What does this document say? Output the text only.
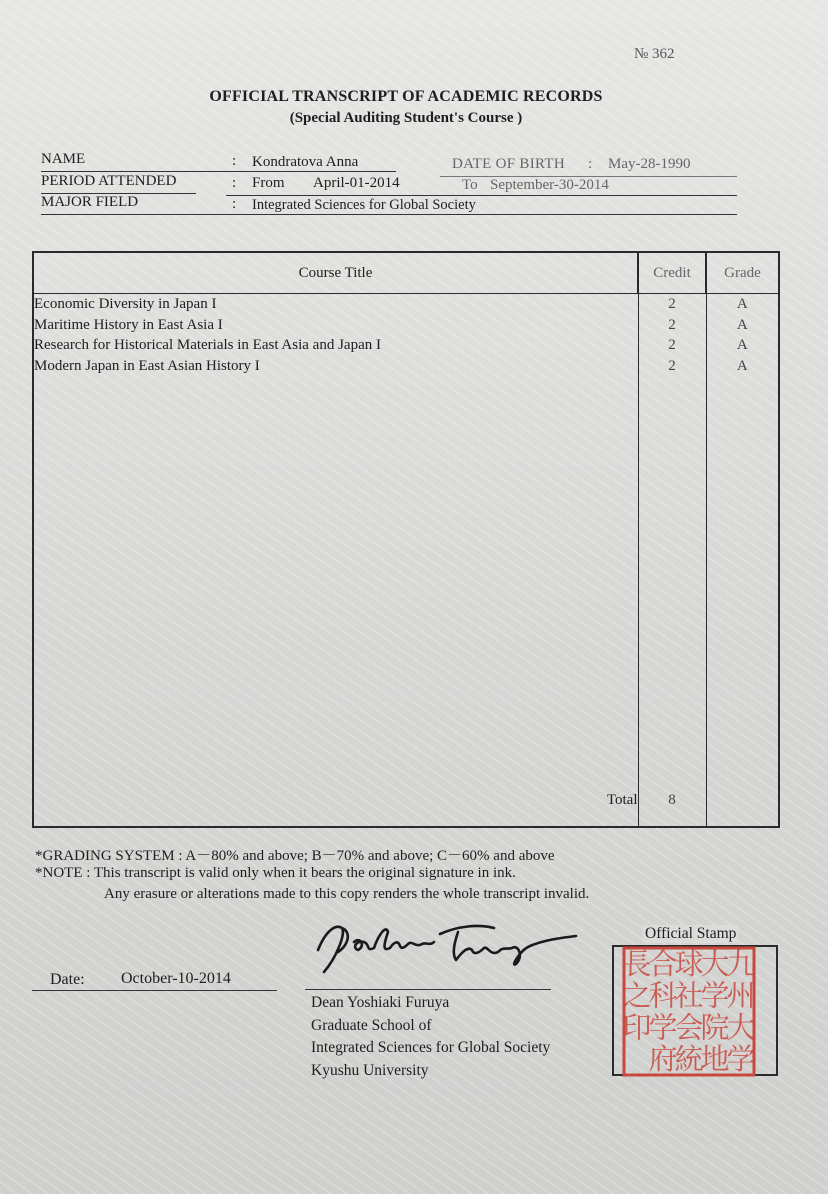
№ 362
OFFICIAL TRANSCRIPT OF ACADEMIC RECORDS
(Special Auditing Student's Course )
NAME	: Kondratova Anna	DATE OF BIRTH : May-28-1990
PERIOD ATTENDED	: From April-01-2014	To September-30-2014
MAJOR FIELD	: Integrated Sciences for Global Society
Course Title	Credit	Grade
Economic Diversity in Japan I	2	A
Maritime History in East Asia I	2	A
Research for Historical Materials in East Asia and Japan I	2	A
Modern Japan in East Asian History I	2	A

Total	8	
*GRADING SYSTEM : A－80% and above; B－70% and above; C－60% and above
*NOTE : This transcript is valid only when it bears the original signature in ink.
Any erasure or alterations made to this copy renders the whole transcript invalid.
Date: October-10-2014
Dean Yoshiaki Furuya
Graduate School of
Integrated Sciences for Global Society
Kyushu University
九
州
大
学
大
学
院
地
球
社
会
統
合
科
学
府
長
之
印
Official Stamp
